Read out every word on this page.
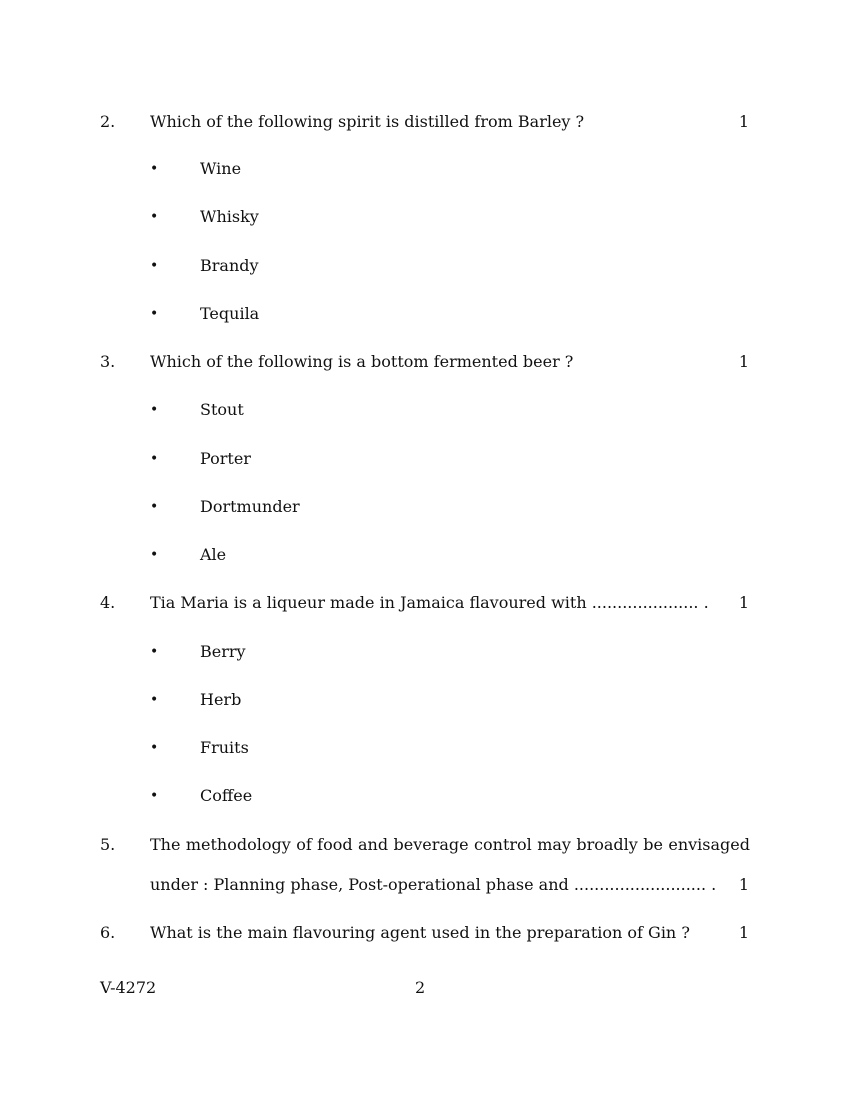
2. Which of the following spirit is distilled from Barley ?	1
•	Wine
•	Whisky
•	Brandy
•	Tequila
3. Which of the following is a bottom fermented beer ?	1
•	Stout
•	Porter
•	Dortmunder
•	Ale
4. Tia Maria is a liqueur made in Jamaica flavoured with ..................... . 1
•	Berry
•	Herb
•	Fruits
•	Coffee
5. The methodology of food and beverage control may broadly be envisaged
under : Planning phase, Post-operational phase and .......................... . 1
6. What is the main flavouring agent used in the preparation of Gin ?	1
V-4272	2
